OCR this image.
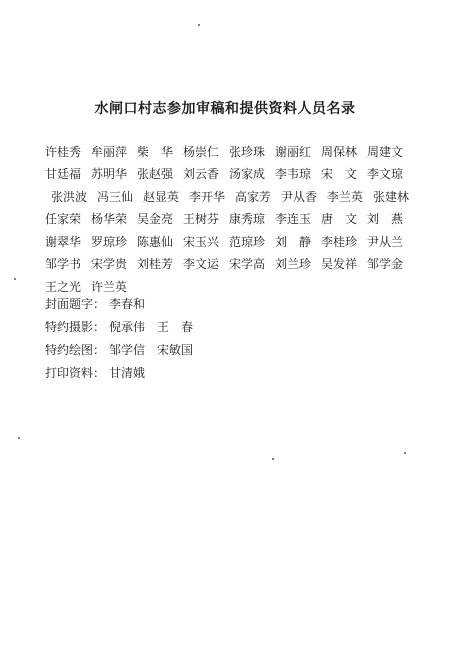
水闸口村志参加审稿和提供资料人员名录
许桂秀 牟丽萍 柴　华 杨崇仁 张珍珠 谢丽红 周保林 周建文
甘廷福 苏明华 张赵强 刘云香 汤家成 李韦琼 宋　文 李文琼
张洪波 冯三仙 赵显英 李开华 高家芳 尹从香 李兰英 张建林
任家荣 杨华荣 吴金亮 王树芬 康秀琼 李连玉 唐　文 刘　燕
谢翠华 罗琼珍 陈惠仙 宋玉兴 范琼珍 刘　静 李桂珍 尹从兰
邹学书 宋学贵 刘桂芳 李文运 宋学高 刘兰珍 吴发祥 邹学金
王之光 许兰英
封面题字： 李春和
特约摄影： 倪承伟 王　春
特约绘图： 邹学信 宋敏国
打印资料： 甘清娥
